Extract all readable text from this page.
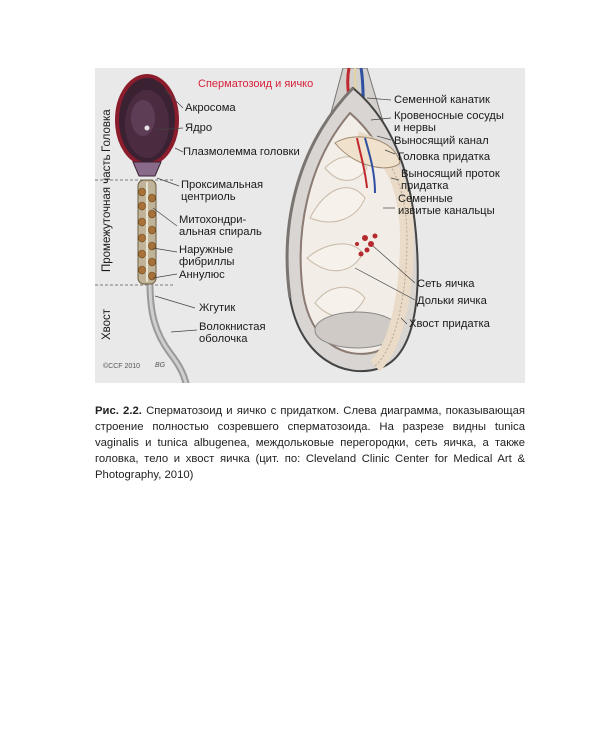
Сперматозоид и яичко
Головка
Промежуточная часть
Хвост
Акросома
Ядро
Плазмолемма головки
Проксимальная центриоль
Митохондри- альная спираль
Наружные фибриллы
Аннулюс
Жгутик
Волокнистая оболочка
Семенной канатик
Кровеносные сосуды и нервы
Выносящий канал
Головка придатка
Выносящий проток придатка
Семенные извитые канальцы
Сеть яичка
Дольки яичка
Хвост придатка
©CCF 2010 BG
Рис. 2.2. Сперматозоид и яичко с придатком. Слева диаграмма, показывающая строение полностью созревшего сперматозоида. На разрезе видны tunica vaginalis и tunica albugenea, междольковые перегородки, сеть яичка, а также головка, тело и хвост яичка (цит. по: Cleveland Clinic Center for Medical Art & Photography, 2010)
